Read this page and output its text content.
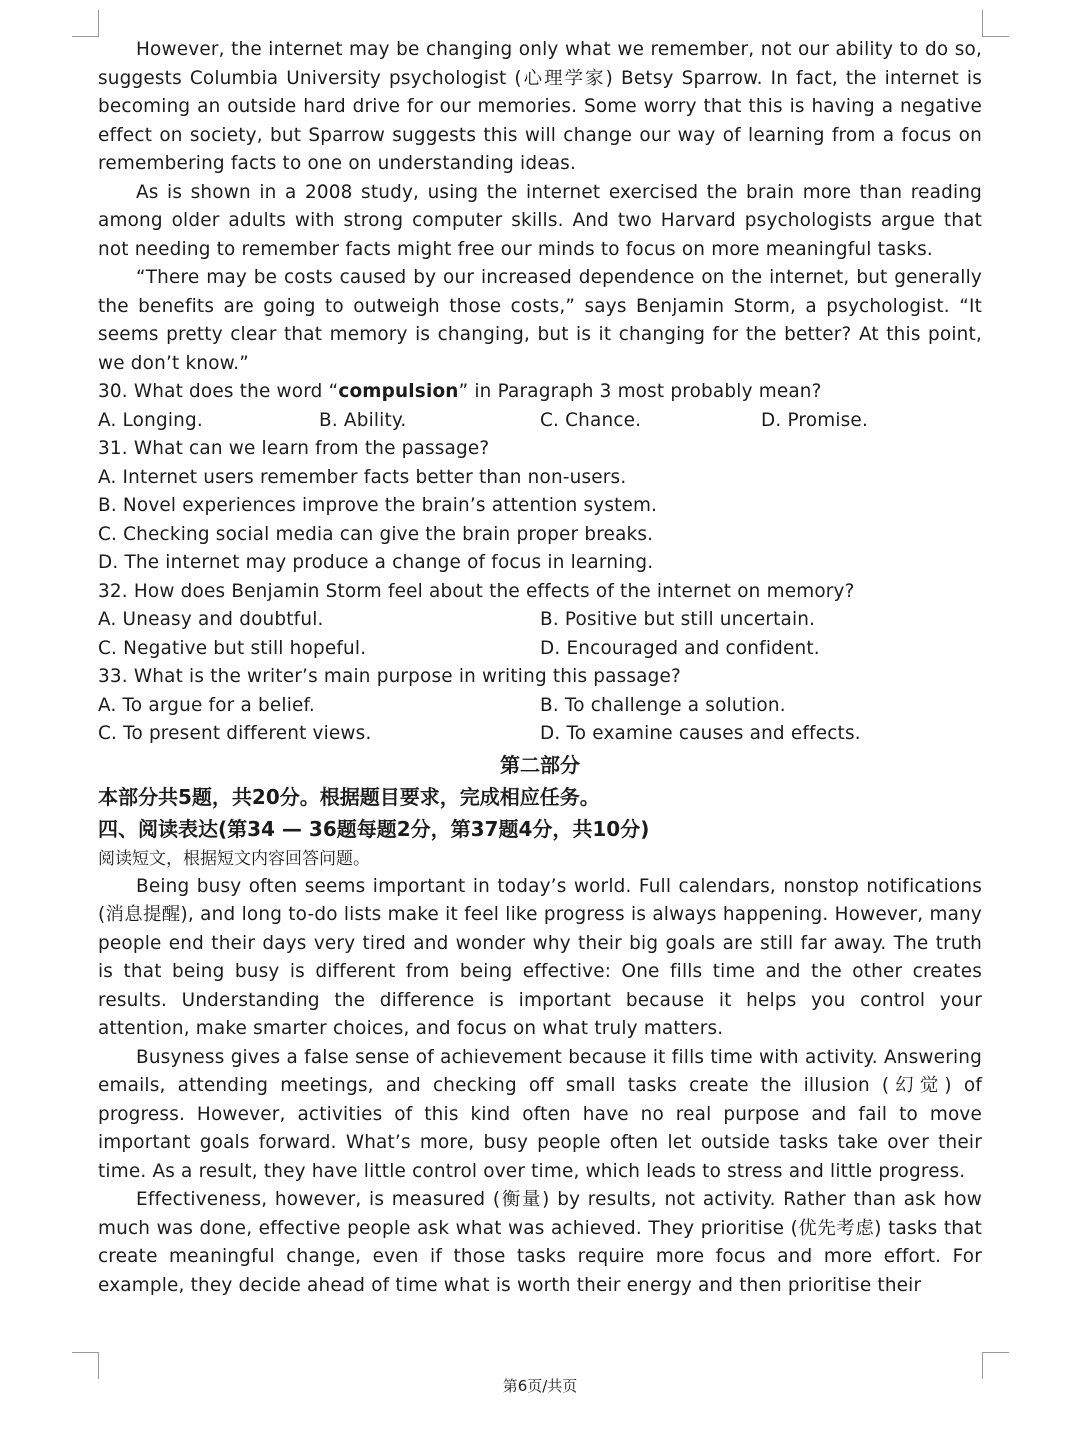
However, the internet may be changing only what we remember, not our ability to do so, suggests Columbia University psychologist (心理学家) Betsy Sparrow. In fact, the internet is becoming an outside hard drive for our memories. Some worry that this is having a negative effect on society, but Sparrow suggests this will change our way of learning from a focus on remembering facts to one on understanding ideas.

As is shown in a 2008 study, using the internet exercised the brain more than reading among older adults with strong computer skills. And two Harvard psychologists argue that not needing to remember facts might free our minds to focus on more meaningful tasks.

“There may be costs caused by our increased dependence on the internet, but generally the benefits are going to outweigh those costs,” says Benjamin Storm, a psychologist. “It seems pretty clear that memory is changing, but is it changing for the better? At this point, we don’t know.”

30. What does the word “compulsion” in Paragraph 3 most probably mean?

A. Longing.	B. Ability.	C. Chance.	D. Promise.

31. What can we learn from the passage?

A. Internet users remember facts better than non-users.

B. Novel experiences improve the brain’s attention system.

C. Checking social media can give the brain proper breaks.

D. The internet may produce a change of focus in learning.

32. How does Benjamin Storm feel about the effects of the internet on memory?

A. Uneasy and doubtful.	B. Positive but still uncertain.
C. Negative but still hopeful.	D. Encouraged and confident.

33. What is the writer’s main purpose in writing this passage?

A. To argue for a belief.	B. To challenge a solution.
C. To present different views.	D. To examine causes and effects.

第二部分

本部分共5题，共20分。根据题目要求，完成相应任务。

四、阅读表达(第34 — 36题每题2分，第37题4分，共10分)

阅读短文，根据短文内容回答问题。

Being busy often seems important in today’s world. Full calendars, nonstop notifications (消息提醒), and long to-do lists make it feel like progress is always happening. However, many people end their days very tired and wonder why their big goals are still far away. The truth is that being busy is different from being effective: One fills time and the other creates results. Understanding the difference is important because it helps you control your attention, make smarter choices, and focus on what truly matters.

Busyness gives a false sense of achievement because it fills time with activity. Answering emails, attending meetings, and checking off small tasks create the illusion (幻觉) of progress. However, activities of this kind often have no real purpose and fail to move important goals forward. What’s more, busy people often let outside tasks take over their time. As a result, they have little control over time, which leads to stress and little progress.

Effectiveness, however, is measured (衡量) by results, not activity. Rather than ask how much was done, effective people ask what was achieved. They prioritise (优先考虑) tasks that create meaningful change, even if those tasks require more focus and more effort. For example, they decide ahead of time what is worth their energy and then prioritise their

第6页/共页
